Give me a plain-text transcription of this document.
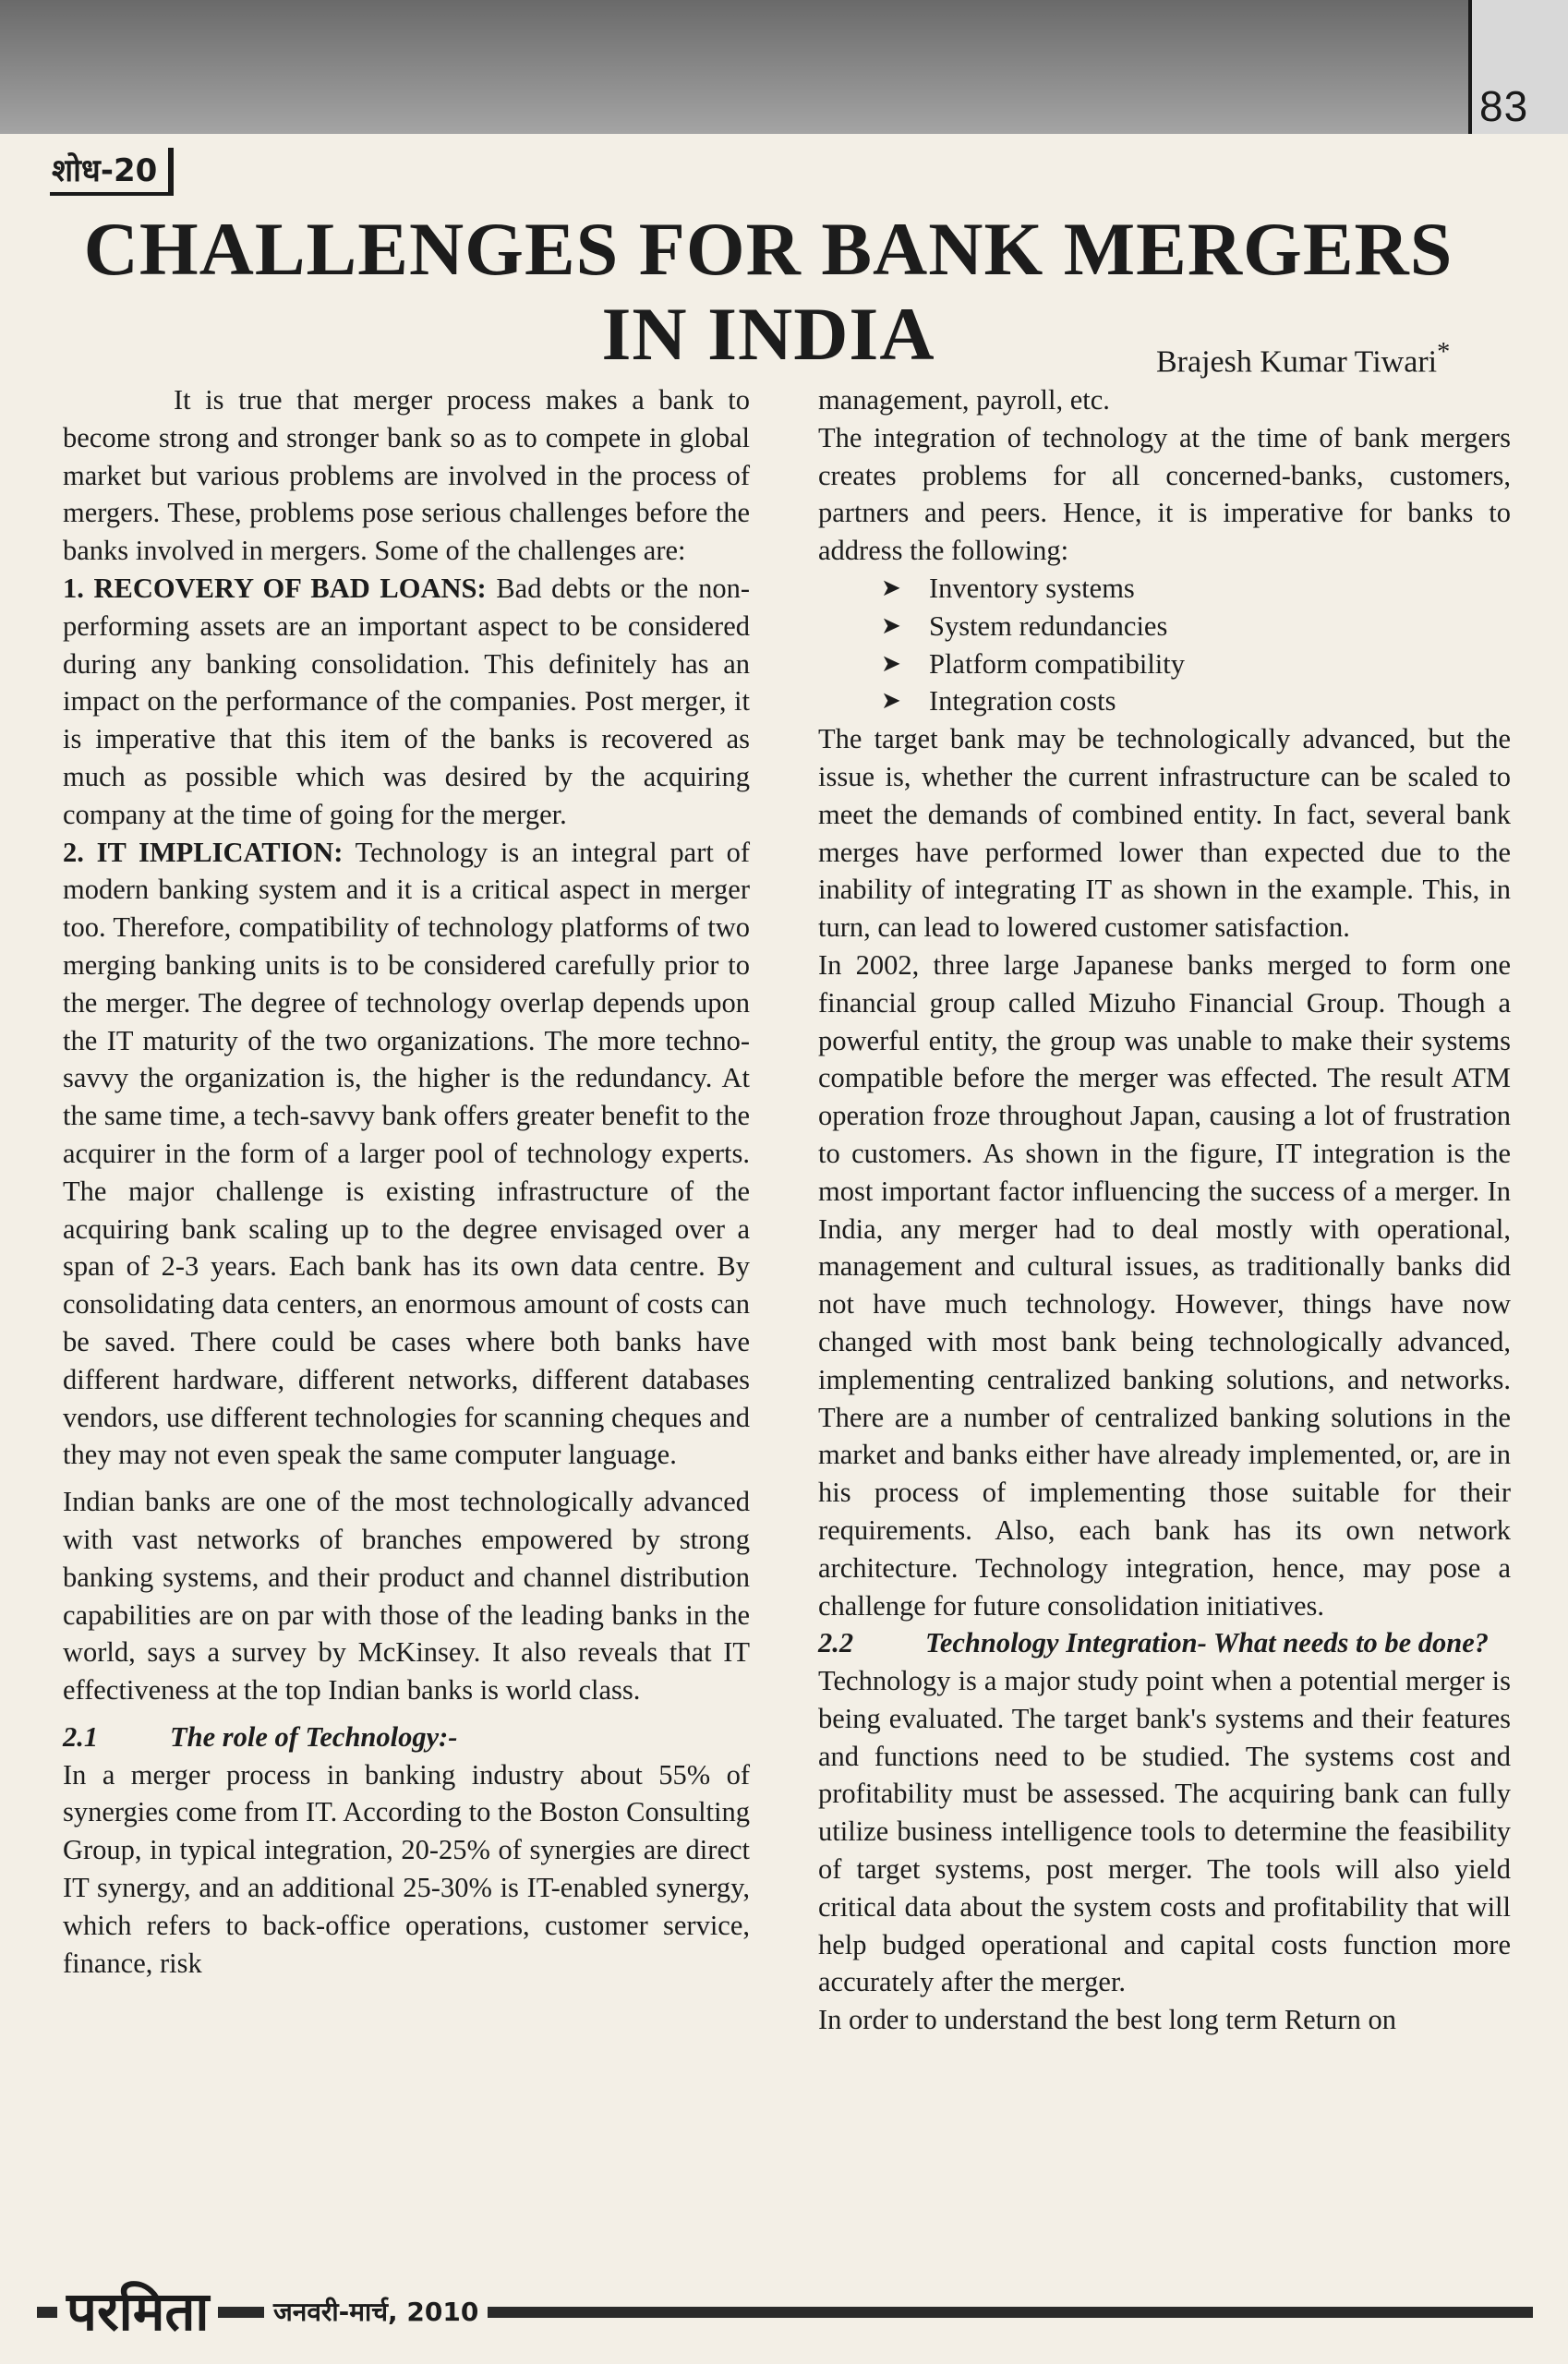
83
शोध-20
CHALLENGES FOR BANK MERGERS
IN INDIA	Brajesh Kumar Tiwari*

It is true that merger process makes a bank to become strong and stronger bank so as to compete in global market but various problems are involved in the process of mergers. These, problems pose serious challenges before the banks involved in mergers. Some of the challenges are:

1. RECOVERY OF BAD LOANS: Bad debts or the non-performing assets are an important aspect to be considered during any banking consolidation. This definitely has an impact on the performance of the companies. Post merger, it is imperative that this item of the banks is recovered as much as possible which was desired by the acquiring company at the time of going for the merger.

2. IT IMPLICATION: Technology is an integral part of modern banking system and it is a critical aspect in merger too. Therefore, compatibility of technology platforms of two merging banking units is to be considered carefully prior to the merger. The degree of technology overlap depends upon the IT maturity of the two organizations. The more techno-savvy the organization is, the higher is the redundancy. At the same time, a tech-savvy bank offers greater benefit to the acquirer in the form of a larger pool of technology experts. The major challenge is existing infrastructure of the acquiring bank scaling up to the degree envisaged over a span of 2-3 years. Each bank has its own data centre. By consolidating data centers, an enormous amount of costs can be saved. There could be cases where both banks have different hardware, different networks, different databases vendors, use different technologies for scanning cheques and they may not even speak the same computer language.

Indian banks are one of the most technologically advanced with vast networks of branches empowered by strong banking systems, and their product and channel distribution capabilities are on par with those of the leading banks in the world, says a survey by McKinsey. It also reveals that IT effectiveness at the top Indian banks is world class.

2.1	The role of Technology:-

In a merger process in banking industry about 55% of synergies come from IT. According to the Boston Consulting Group, in typical integration, 20-25% of synergies are direct IT synergy, and an additional 25-30% is IT-enabled synergy, which refers to back-office operations, customer service, finance, risk

management, payroll, etc.

The integration of technology at the time of bank mergers creates problems for all concerned-banks, customers, partners and peers. Hence, it is imperative for banks to address the following:

➤ Inventory systems
➤ System redundancies
➤ Platform compatibility
➤ Integration costs

The target bank may be technologically advanced, but the issue is, whether the current infrastructure can be scaled to meet the demands of combined entity. In fact, several bank merges have performed lower than expected due to the inability of integrating IT as shown in the example. This, in turn, can lead to lowered customer satisfaction.

In 2002, three large Japanese banks merged to form one financial group called Mizuho Financial Group. Though a powerful entity, the group was unable to make their systems compatible before the merger was effected. The result ATM operation froze throughout Japan, causing a lot of frustration to customers. As shown in the figure, IT integration is the most important factor influencing the success of a merger. In India, any merger had to deal mostly with operational, management and cultural issues, as traditionally banks did not have much technology. However, things have now changed with most bank being technologically advanced, implementing centralized banking solutions, and networks. There are a number of centralized banking solutions in the market and banks either have already implemented, or, are in his process of implementing those suitable for their requirements. Also, each bank has its own network architecture. Technology integration, hence, may pose a challenge for future consolidation initiatives.

2.2	Technology Integration- What needs to be done?

Technology is a major study point when a potential merger is being evaluated. The target bank's systems and their features and functions need to be studied. The systems cost and profitability must be assessed. The acquiring bank can fully utilize business intelligence tools to determine the feasibility of target systems, post merger. The tools will also yield critical data about the system costs and profitability that will help budged operational and capital costs function more accurately after the merger.

In order to understand the best long term Return on

परमिता	जनवरी-मार्च, 2010
